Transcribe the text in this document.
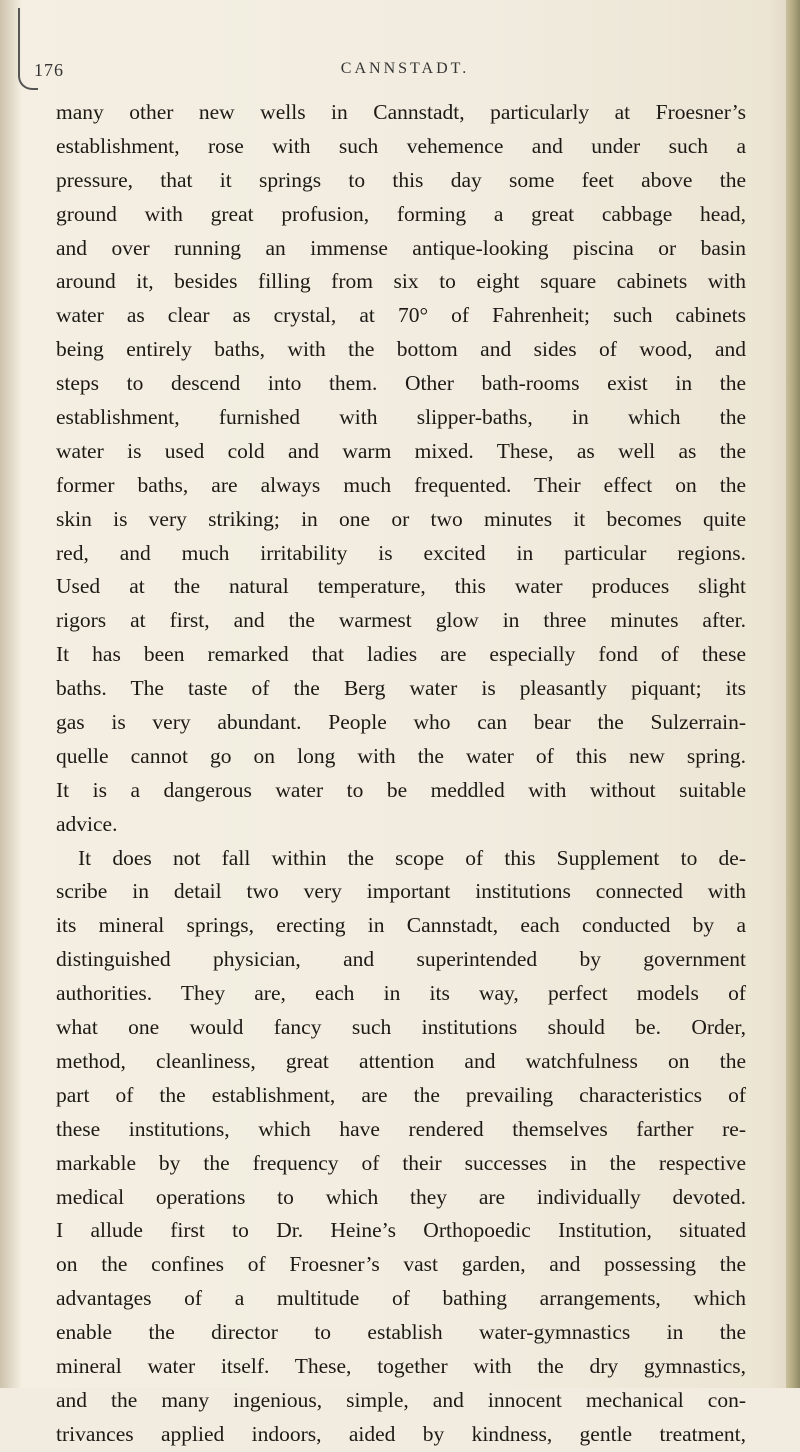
176	CANNSTADT.
many other new wells in Cannstadt, particularly at Froesner’s
establishment, rose with such vehemence and under such a
pressure, that it springs to this day some feet above the
ground with great profusion, forming a great cabbage head,
and over running an immense antique-looking piscina or basin
around it, besides filling from six to eight square cabinets with
water as clear as crystal, at 70° of Fahrenheit; such cabinets
being entirely baths, with the bottom and sides of wood, and
steps to descend into them. Other bath-rooms exist in the
establishment, furnished with slipper-baths, in which the
water is used cold and warm mixed. These, as well as the
former baths, are always much frequented. Their effect on the
skin is very striking; in one or two minutes it becomes quite
red, and much irritability is excited in particular regions.
Used at the natural temperature, this water produces slight
rigors at first, and the warmest glow in three minutes after.
It has been remarked that ladies are especially fond of these
baths. The taste of the Berg water is pleasantly piquant; its
gas is very abundant. People who can bear the Sulzerrain-
quelle cannot go on long with the water of this new spring.
It is a dangerous water to be meddled with without suitable
advice.
It does not fall within the scope of this Supplement to de-
scribe in detail two very important institutions connected with
its mineral springs, erecting in Cannstadt, each conducted by a
distinguished physician, and superintended by government
authorities. They are, each in its way, perfect models of
what one would fancy such institutions should be. Order,
method, cleanliness, great attention and watchfulness on the
part of the establishment, are the prevailing characteristics of
these institutions, which have rendered themselves farther re-
markable by the frequency of their successes in the respective
medical operations to which they are individually devoted.
I allude first to Dr. Heine’s Orthopoedic Institution, situated
on the confines of Froesner’s vast garden, and possessing the
advantages of a multitude of bathing arrangements, which
enable the director to establish water-gymnastics in the
mineral water itself. These, together with the dry gymnastics,
and the many ingenious, simple, and innocent mechanical con-
trivances applied indoors, aided by kindness, gentle treatment,
